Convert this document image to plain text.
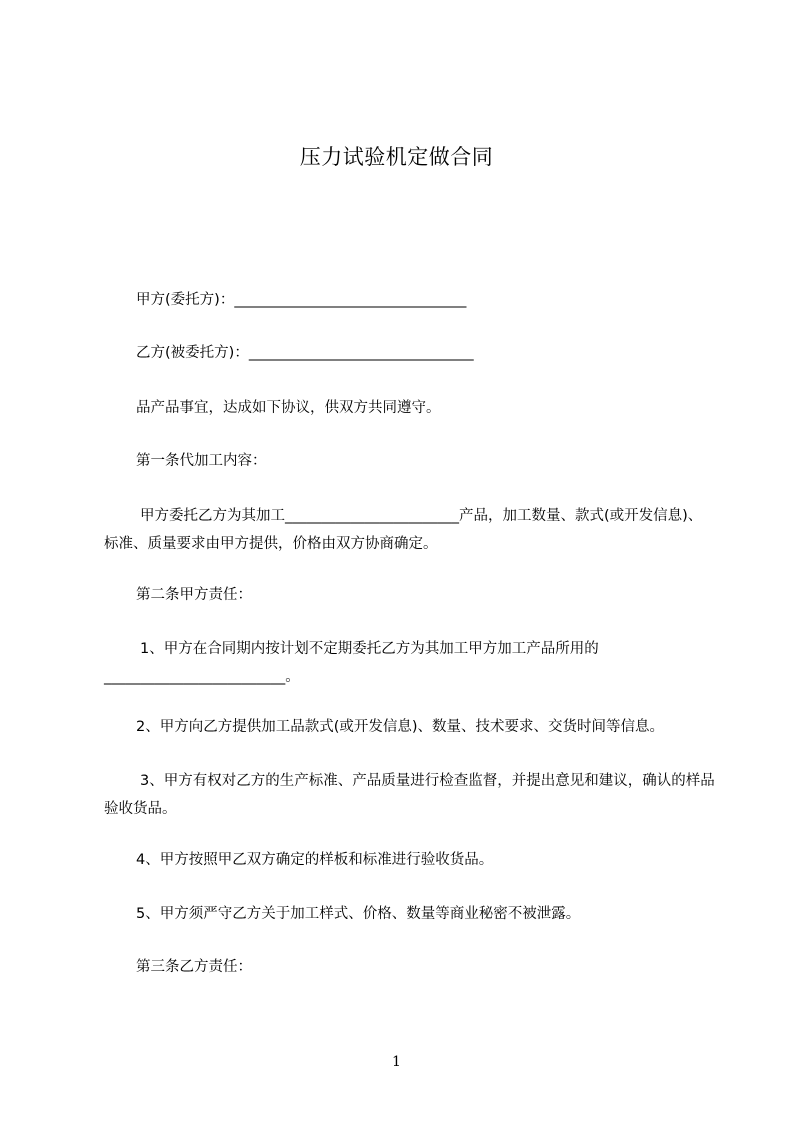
压力试验机定做合同
甲方(委托方)：________________________________
乙方(被委托方)：_______________________________
品产品事宜，达成如下协议，供双方共同遵守。
第一条代加工内容：
甲方委托乙方为其加工________________________产品，加工数量、款式(或开发信息)、标准、质量要求由甲方提供，价格由双方协商确定。
第二条甲方责任：
1、甲方在合同期内按计划不定期委托乙方为其加工甲方加工产品所用的_________________________。
2、甲方向乙方提供加工品款式(或开发信息)、数量、技术要求、交货时间等信息。
3、甲方有权对乙方的生产标准、产品质量进行检查监督，并提出意见和建议，确认的样品验收货品。
4、甲方按照甲乙双方确定的样板和标准进行验收货品。
5、甲方须严守乙方关于加工样式、价格、数量等商业秘密不被泄露。
第三条乙方责任：
1
